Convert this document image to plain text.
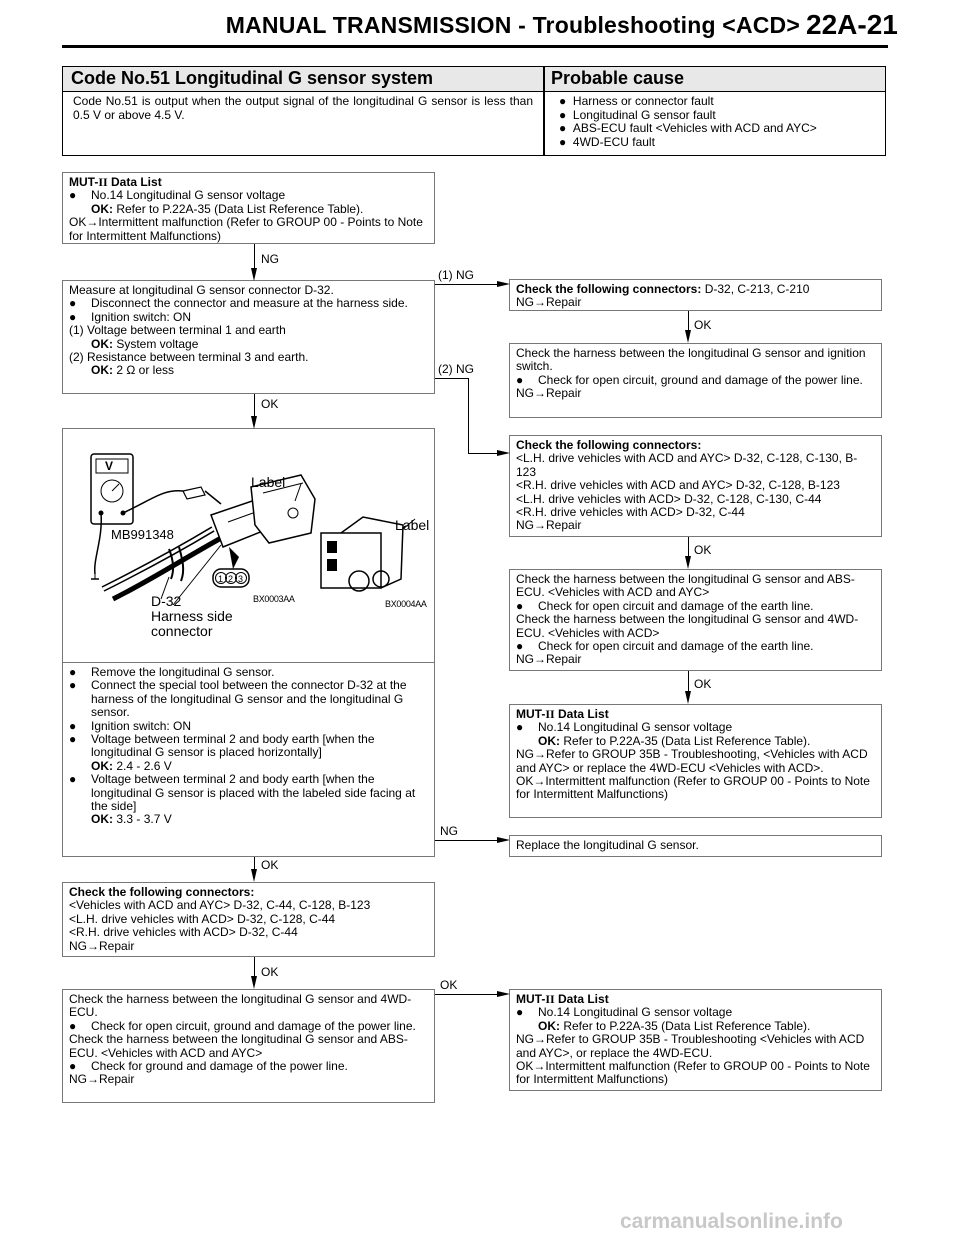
MANUAL TRANSMISSION - Troubleshooting <ACD> 22A-21
Code No.51 Longitudinal G sensor system	Probable cause
Code No.51 is output when the output signal of the longitudinal G sensor is less than 0.5 V or above 4.5 V.
● Harness or connector fault
● Longitudinal G sensor fault
● ABS-ECU fault <Vehicles with ACD and AYC>
● 4WD-ECU fault

MUT-II Data List

● No.14 Longitudinal G sensor voltage

OK: Refer to P.22A-35 (Data List Reference Table).

OK→Intermittent malfunction (Refer to GROUP 00 - Points to Note for Intermittent Malfunctions)

Measure at longitudinal G sensor connector D-32.

● Disconnect the connector and measure at the harness side.

● Ignition switch: ON

(1) Voltage between terminal 1 and earth

OK: System voltage

(2) Resistance between terminal 3 and earth.

OK: 2 Ω or less

Check the following connectors: D-32, C-213, C-210

NG→Repair

Check the harness between the longitudinal G sensor and ignition switch.

● Check for open circuit, ground and damage of the power line.

NG→Repair

Check the following connectors:

<L.H. drive vehicles with ACD and AYC> D-32, C-128, C-130, B-123

<R.H. drive vehicles with ACD and AYC> D-32, C-128, B-123

<L.H. drive vehicles with ACD> D-32, C-128, C-130, C-44

<R.H. drive vehicles with ACD> D-32, C-44

NG→Repair

Check the harness between the longitudinal G sensor and ABS-ECU. <Vehicles with ACD and AYC>

● Check for open circuit and damage of the earth line.

Check the harness between the longitudinal G sensor and 4WD-ECU. <Vehicles with ACD>

● Check for open circuit and damage of the earth line.

NG→Repair

MUT-II Data List

● No.14 Longitudinal G sensor voltage

OK: Refer to P.22A-35 (Data List Reference Table).

NG→Refer to GROUP 35B - Troubleshooting, <Vehicles with ACD and AYC> or replace the 4WD-ECU <Vehicles with ACD>.

OK→Intermittent malfunction (Refer to GROUP 00 - Points to Note for Intermittent Malfunctions)

● Remove the longitudinal G sensor.

● Connect the special tool between the connector D-32 at the harness of the longitudinal G sensor and the longitudinal G sensor.

● Ignition switch: ON

● Voltage between terminal 2 and body earth [when the longitudinal G sensor is placed horizontally]

OK: 2.4 - 2.6 V

● Voltage between terminal 2 and body earth [when the longitudinal G sensor is placed with the labeled side facing at the side]

OK: 3.3 - 3.7 V

1 2 3
V
Label
Label
MB991348
D-32
Harness side
connector
BX0003AA	BX0004AA

Replace the longitudinal G sensor.

Check the following connectors:

<Vehicles with ACD and AYC> D-32, C-44, C-128, B-123

<L.H. drive vehicles with ACD> D-32, C-128, C-44

<R.H. drive vehicles with ACD> D-32, C-44

NG→Repair

Check the harness between the longitudinal G sensor and 4WD-ECU.

● Check for open circuit, ground and damage of the power line.

Check the harness between the longitudinal G sensor and ABS-ECU. <Vehicles with ACD and AYC>

● Check for ground and damage of the power line.

NG→Repair

MUT-II Data List

● No.14 Longitudinal G sensor voltage

OK: Refer to P.22A-35 (Data List Reference Table).

NG→Refer to GROUP 35B - Troubleshooting <Vehicles with ACD and AYC>, or replace the 4WD-ECU.

OK→Intermittent malfunction (Refer to GROUP 00 - Points to Note for Intermittent Malfunctions)

NG
(1) NG
(2) NG
OK
OK
OK
OK
NG
OK
OK
OK
carmanualsonline.info
